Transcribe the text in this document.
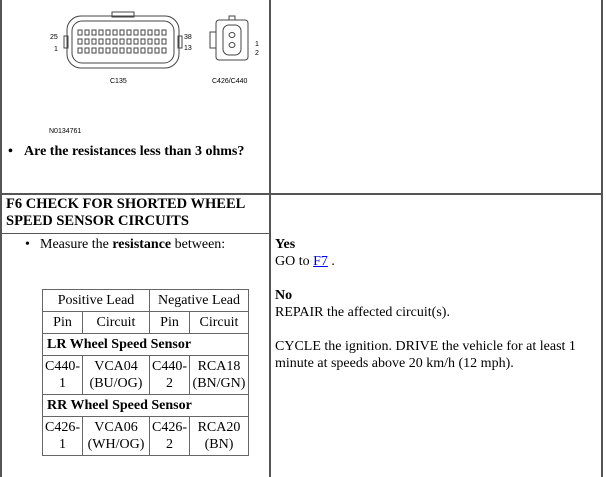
25
1
38
13
C135
1
2
C426/C440
N0134761
• Are the resistances less than 3 ohms?
F6 CHECK FOR SHORTED WHEEL SPEED SENSOR CIRCUITS
• Measure the resistance between:
Positive Lead		Negative Lead	
Pin	Circuit	Pin	Circuit
LR Wheel Speed Sensor			
C440-1	VCA04 (BU/OG)	C440-2	RCA18 (BN/GN)
RR Wheel Speed Sensor			
C426-1	VCA06 (WH/OG)	C426-2	RCA20 (BN)
Yes
GO to F7 .
No
REPAIR the affected circuit(s).
CYCLE the ignition. DRIVE the vehicle for at least 1 minute at speeds above 20 km/h (12 mph).
